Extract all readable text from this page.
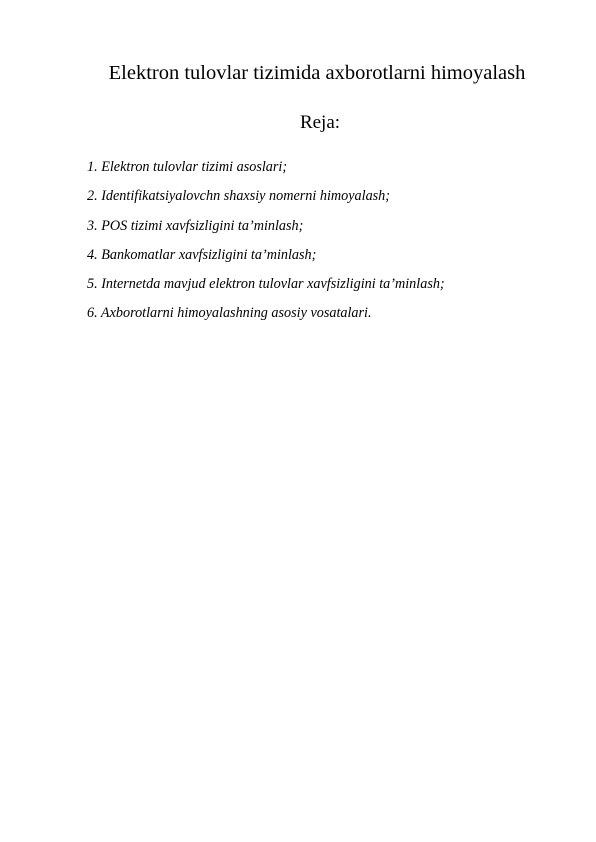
Elektron tulovlar tizimida axborotlarni himoyalash
Reja:
1. Elektron tulovlar tizimi asoslari;
2. Identifikatsiyalovchn shaxsiy nomerni himoyalash;
3. POS tizimi xavfsizligini ta’minlash;
4. Bankomatlar xavfsizligini ta’minlash;
5. Internetda mavjud elektron tulovlar xavfsizligini ta’minlash;
6. Axborotlarni himoyalashning asosiy vosatalari.
